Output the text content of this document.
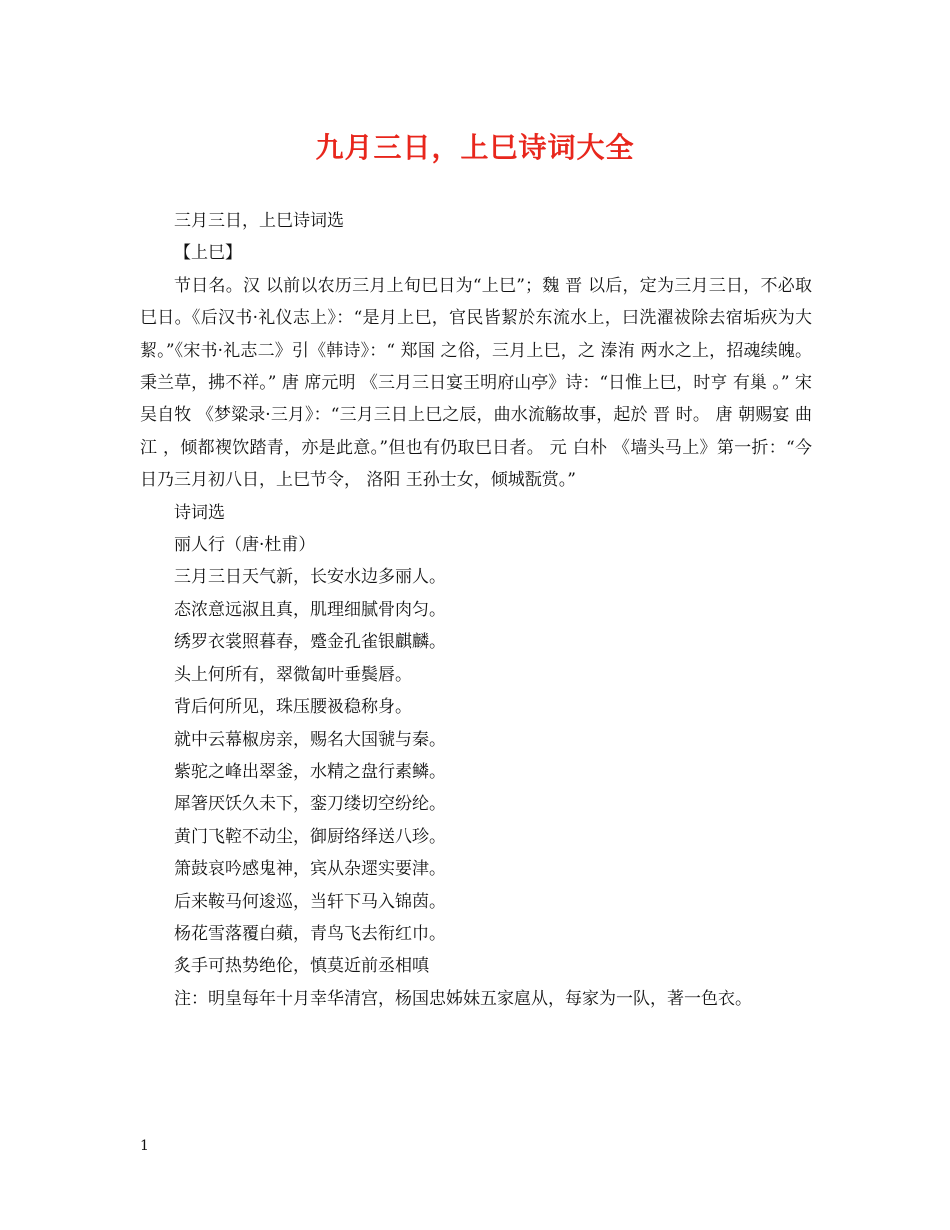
九月三日，上巳诗词大全

三月三日，上巳诗词选

【上巳】

节日名。汉 以前以农历三月上旬巳日为“上巳”；魏 晋 以后，定为三月三日，不必取巳日。《后汉书·礼仪志上》：“是月上巳，官民皆絜於东流水上，曰洗濯祓除去宿垢疢为大絜。”《宋书·礼志二》引《韩诗》：“ 郑国 之俗，三月上巳，之 溱洧 两水之上，招魂续魄。秉兰草，拂不祥。” 唐 席元明 《三月三日宴王明府山亭》诗：“日惟上巳，时亨 有巢 。” 宋 吴自牧 《梦粱录·三月》：“三月三日上巳之辰，曲水流觞故事，起於 晋 时。 唐 朝赐宴 曲江 ，倾都褉饮踏青，亦是此意。”但也有仍取巳日者。 元 白朴 《墙头马上》第一折：“今日乃三月初八日，上巳节令， 洛阳 王孙士女，倾城翫赏。”

诗词选

丽人行（唐·杜甫）

三月三日天气新，长安水边多丽人。

态浓意远淑且真，肌理细腻骨肉匀。

绣罗衣裳照暮春，蹙金孔雀银麒麟。

头上何所有，翠微匐叶垂鬓唇。

背后何所见，珠压腰衱稳称身。

就中云幕椒房亲，赐名大国虢与秦。

紫驼之峰出翠釜，水精之盘行素鳞。

犀箸厌饫久未下，銮刀缕切空纷纶。

黄门飞鞚不动尘，御厨络绎送八珍。

箫鼓哀吟感鬼神，宾从杂遝实要津。

后来鞍马何逡巡，当轩下马入锦茵。

杨花雪落覆白蘋，青鸟飞去衔红巾。

炙手可热势绝伦，慎莫近前丞相嗔

注：明皇每年十月幸华清宫，杨国忠姊妹五家扈从，每家为一队，著一色衣。

1
